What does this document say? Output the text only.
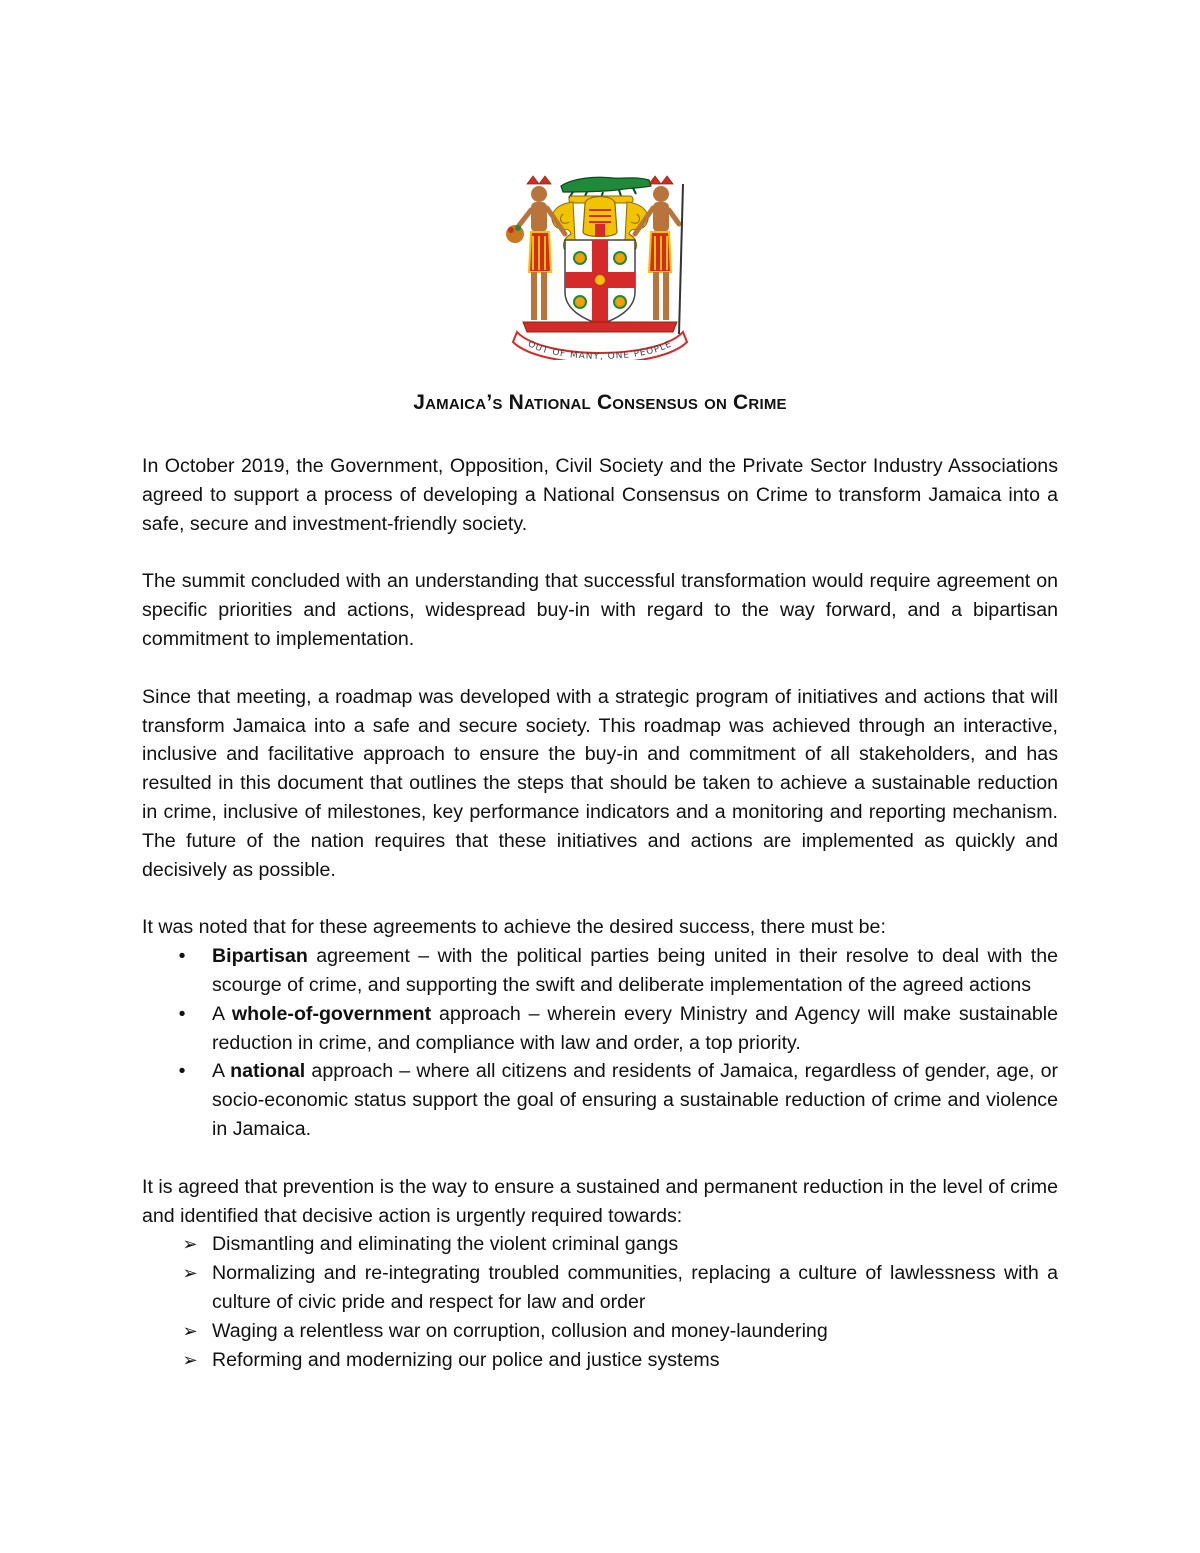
OUT OF MANY, ONE PEOPLE
Jamaica’s National Consensus on Crime

In October 2019, the Government, Opposition, Civil Society and the Private Sector Industry Associations agreed to support a process of developing a National Consensus on Crime to transform Jamaica into a safe, secure and investment-friendly society.

The summit concluded with an understanding that successful transformation would require agreement on specific priorities and actions, widespread buy-in with regard to the way forward, and a bipartisan commitment to implementation.

Since that meeting, a roadmap was developed with a strategic program of initiatives and actions that will transform Jamaica into a safe and secure society. This roadmap was achieved through an interactive, inclusive and facilitative approach to ensure the buy-in and commitment of all stakeholders, and has resulted in this document that outlines the steps that should be taken to achieve a sustainable reduction in crime, inclusive of milestones, key performance indicators and a monitoring and reporting mechanism. The future of the nation requires that these initiatives and actions are implemented as quickly and decisively as possible.

It was noted that for these agreements to achieve the desired success, there must be:

•	Bipartisan agreement – with the political parties being united in their resolve to deal with the scourge of crime, and supporting the swift and deliberate implementation of the agreed actions
•	A whole-of-government approach – wherein every Ministry and Agency will make sustainable reduction in crime, and compliance with law and order, a top priority.
•	A national approach – where all citizens and residents of Jamaica, regardless of gender, age, or socio-economic status support the goal of ensuring a sustainable reduction of crime and violence in Jamaica.

It is agreed that prevention is the way to ensure a sustained and permanent reduction in the level of crime and identified that decisive action is urgently required towards:

➢ Dismantling and eliminating the violent criminal gangs
➢ Normalizing and re-integrating troubled communities, replacing a culture of lawlessness with a culture of civic pride and respect for law and order
➢ Waging a relentless war on corruption, collusion and money-laundering
➢ Reforming and modernizing our police and justice systems
